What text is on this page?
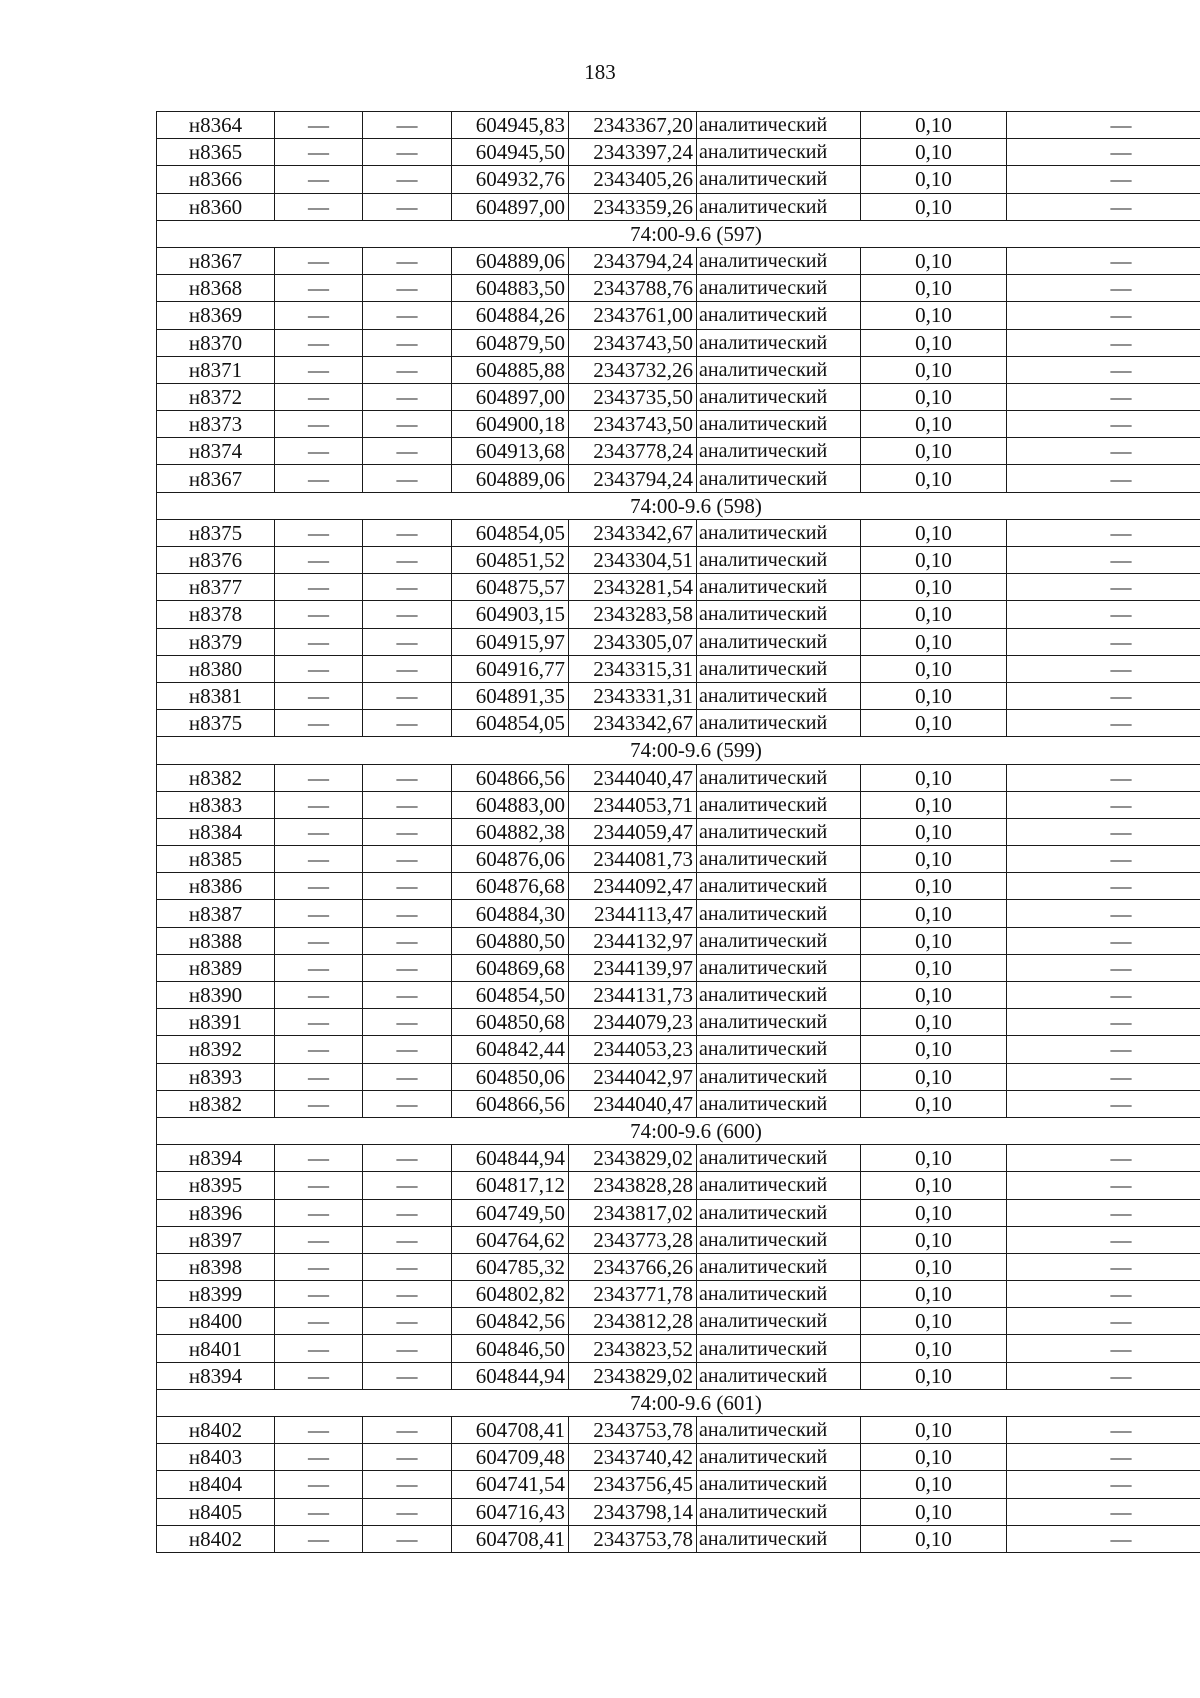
183
н8364	—	—	604945,83	2343367,20	аналитический	0,10	—
н8365	—	—	604945,50	2343397,24	аналитический	0,10	—
н8366	—	—	604932,76	2343405,26	аналитический	0,10	—
н8360	—	—	604897,00	2343359,26	аналитический	0,10	—
74:00-9.6 (597)							
н8367	—	—	604889,06	2343794,24	аналитический	0,10	—
н8368	—	—	604883,50	2343788,76	аналитический	0,10	—
н8369	—	—	604884,26	2343761,00	аналитический	0,10	—
н8370	—	—	604879,50	2343743,50	аналитический	0,10	—
н8371	—	—	604885,88	2343732,26	аналитический	0,10	—
н8372	—	—	604897,00	2343735,50	аналитический	0,10	—
н8373	—	—	604900,18	2343743,50	аналитический	0,10	—
н8374	—	—	604913,68	2343778,24	аналитический	0,10	—
н8367	—	—	604889,06	2343794,24	аналитический	0,10	—
74:00-9.6 (598)							
н8375	—	—	604854,05	2343342,67	аналитический	0,10	—
н8376	—	—	604851,52	2343304,51	аналитический	0,10	—
н8377	—	—	604875,57	2343281,54	аналитический	0,10	—
н8378	—	—	604903,15	2343283,58	аналитический	0,10	—
н8379	—	—	604915,97	2343305,07	аналитический	0,10	—
н8380	—	—	604916,77	2343315,31	аналитический	0,10	—
н8381	—	—	604891,35	2343331,31	аналитический	0,10	—
н8375	—	—	604854,05	2343342,67	аналитический	0,10	—
74:00-9.6 (599)							
н8382	—	—	604866,56	2344040,47	аналитический	0,10	—
н8383	—	—	604883,00	2344053,71	аналитический	0,10	—
н8384	—	—	604882,38	2344059,47	аналитический	0,10	—
н8385	—	—	604876,06	2344081,73	аналитический	0,10	—
н8386	—	—	604876,68	2344092,47	аналитический	0,10	—
н8387	—	—	604884,30	2344113,47	аналитический	0,10	—
н8388	—	—	604880,50	2344132,97	аналитический	0,10	—
н8389	—	—	604869,68	2344139,97	аналитический	0,10	—
н8390	—	—	604854,50	2344131,73	аналитический	0,10	—
н8391	—	—	604850,68	2344079,23	аналитический	0,10	—
н8392	—	—	604842,44	2344053,23	аналитический	0,10	—
н8393	—	—	604850,06	2344042,97	аналитический	0,10	—
н8382	—	—	604866,56	2344040,47	аналитический	0,10	—
74:00-9.6 (600)							
н8394	—	—	604844,94	2343829,02	аналитический	0,10	—
н8395	—	—	604817,12	2343828,28	аналитический	0,10	—
н8396	—	—	604749,50	2343817,02	аналитический	0,10	—
н8397	—	—	604764,62	2343773,28	аналитический	0,10	—
н8398	—	—	604785,32	2343766,26	аналитический	0,10	—
н8399	—	—	604802,82	2343771,78	аналитический	0,10	—
н8400	—	—	604842,56	2343812,28	аналитический	0,10	—
н8401	—	—	604846,50	2343823,52	аналитический	0,10	—
н8394	—	—	604844,94	2343829,02	аналитический	0,10	—
74:00-9.6 (601)							
н8402	—	—	604708,41	2343753,78	аналитический	0,10	—
н8403	—	—	604709,48	2343740,42	аналитический	0,10	—
н8404	—	—	604741,54	2343756,45	аналитический	0,10	—
н8405	—	—	604716,43	2343798,14	аналитический	0,10	—
н8402	—	—	604708,41	2343753,78	аналитический	0,10	—
